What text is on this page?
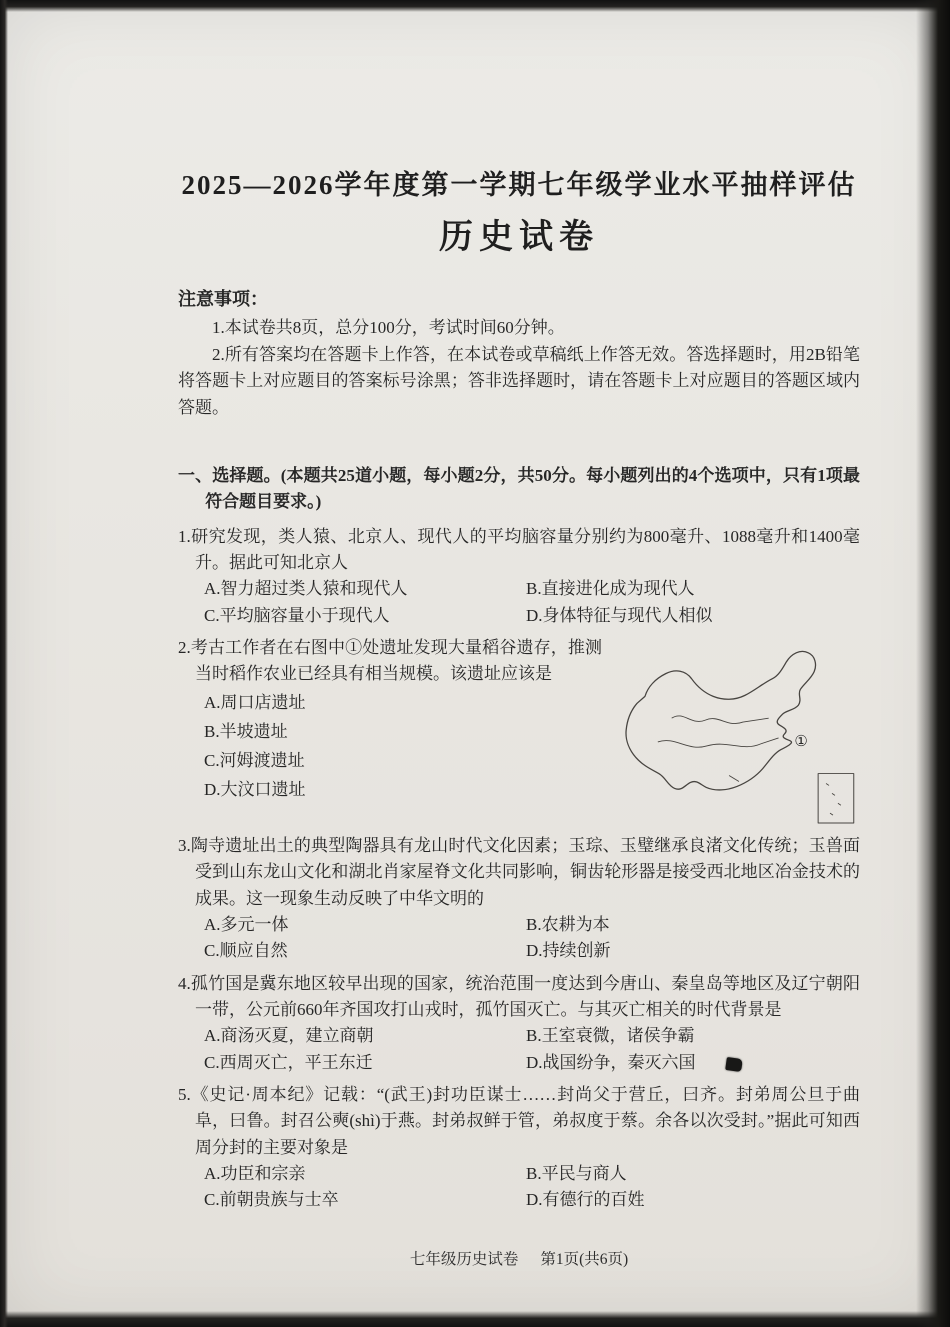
2025—2026学年度第一学期七年级学业水平抽样评估
历史试卷

注意事项：

1.本试卷共8页，总分100分，考试时间60分钟。

2.所有答案均在答题卡上作答，在本试卷或草稿纸上作答无效。答选择题时，用2B铅笔将答题卡上对应题目的答案标号涂黑；答非选择题时，请在答题卡上对应题目的答题区域内答题。

一、选择题。(本题共25道小题，每小题2分，共50分。每小题列出的4个选项中，只有1项最符合题目要求。)

1.研究发现，类人猿、北京人、现代人的平均脑容量分别约为800毫升、1088毫升和1400毫升。据此可知北京人

A.智力超过类人猿和现代人	B.直接进化成为现代人
C.平均脑容量小于现代人	D.身体特征与现代人相似

2.考古工作者在右图中①处遗址发现大量稻谷遗存，推测当时稻作农业已经具有相当规模。该遗址应该是

A.周口店遗址
B.半坡遗址
C.河姆渡遗址
D.大汶口遗址
①

3.陶寺遗址出土的典型陶器具有龙山时代文化因素；玉琮、玉璧继承良渚文化传统；玉兽面受到山东龙山文化和湖北肖家屋脊文化共同影响，铜齿轮形器是接受西北地区冶金技术的成果。这一现象生动反映了中华文明的

A.多元一体	B.农耕为本
C.顺应自然	D.持续创新

4.孤竹国是冀东地区较早出现的国家，统治范围一度达到今唐山、秦皇岛等地区及辽宁朝阳一带，公元前660年齐国攻打山戎时，孤竹国灭亡。与其灭亡相关的时代背景是

A.商汤灭夏，建立商朝	B.王室衰微，诸侯争霸
C.西周灭亡，平王东迁	D.战国纷争，秦灭六国

5.《史记·周本纪》记载：“(武王)封功臣谋士……封尚父于营丘，曰齐。封弟周公旦于曲阜，曰鲁。封召公奭(shì)于燕。封弟叔鲜于管，弟叔度于蔡。余各以次受封。”据此可知西周分封的主要对象是

A.功臣和宗亲	B.平民与商人
C.前朝贵族与士卒	D.有德行的百姓

七年级历史试卷 第1页(共6页)
